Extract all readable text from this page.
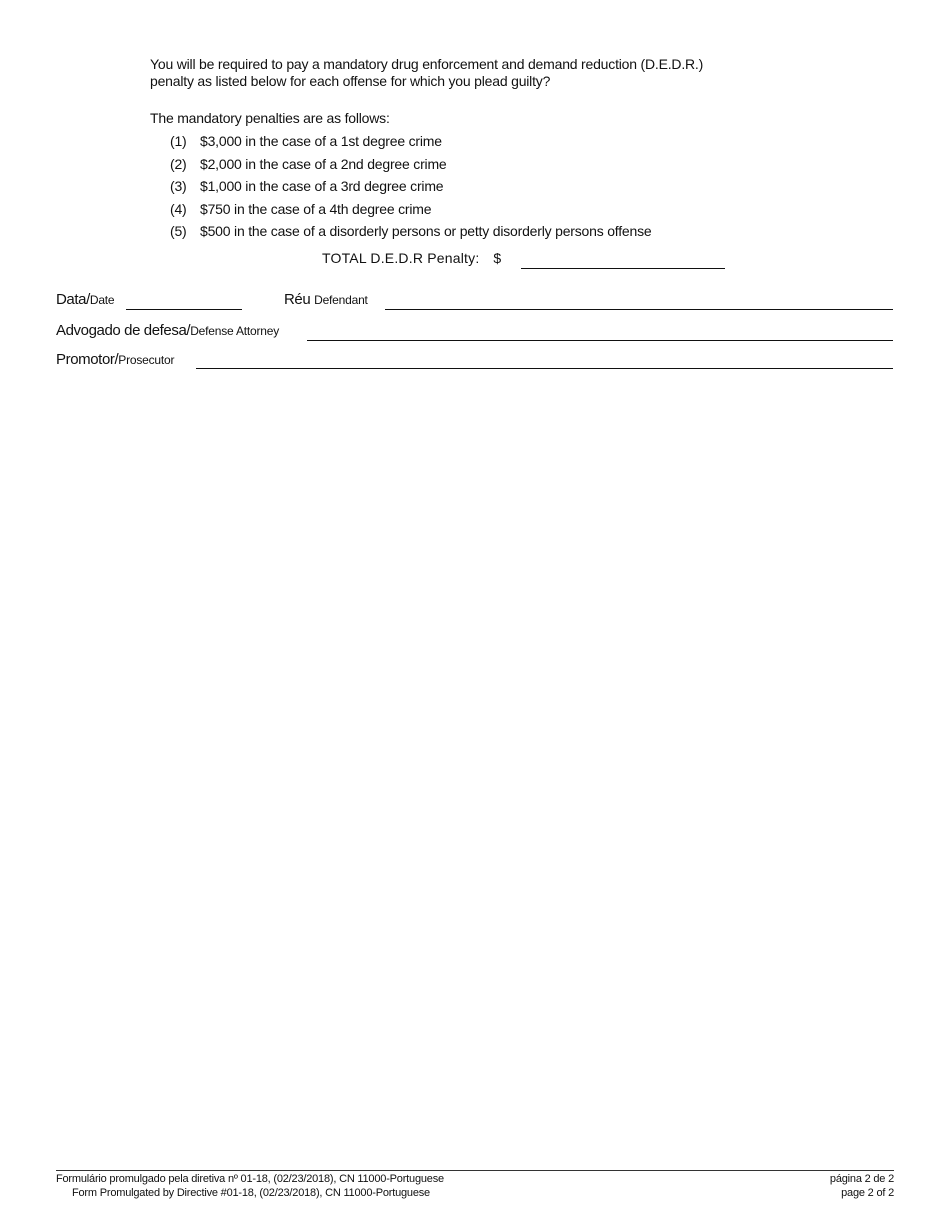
You will be required to pay a mandatory drug enforcement and demand reduction (D.E.D.R.)

penalty as listed below for each offense for which you plead guilty?

The mandatory penalties are as follows:
(1) $3,000 in the case of a 1st degree crime
(2) $2,000 in the case of a 2nd degree crime
(3) $1,000 in the case of a 3rd degree crime
(4) $750 in the case of a 4th degree crime
(5) $500 in the case of a disorderly persons or petty disorderly persons offense
TOTAL D.E.D.R Penalty: $
Data/Date	Réu Defendant
Advogado de defesa/Defense Attorney
Promotor/Prosecutor
Formulário promulgado pela diretiva nº 01-18, (02/23/2018), CN 11000-Portuguese
Form Promulgated by Directive #01-18, (02/23/2018), CN 11000-Portuguese
página 2 de 2
page 2 of 2
